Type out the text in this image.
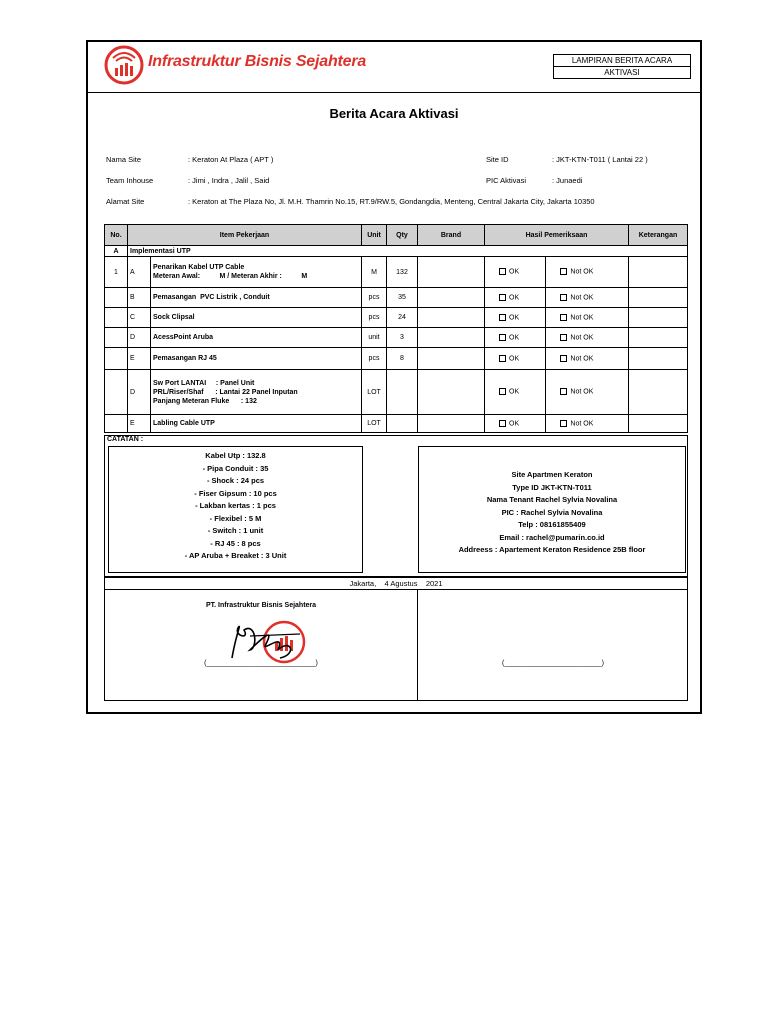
Infrastruktur Bisnis Sejahtera	LAMPIRAN BERITA ACARA
AKTIVASI
Berita Acara Aktivasi
Nama Site	: Keraton At Plaza ( APT )
Team Inhouse	: Jimi , Indra , Jalil , Said
Alamat Site	: Keraton at The Plaza No, Jl. M.H. Thamrin No.15, RT.9/RW.5, Gondangdia, Menteng, Central Jakarta City, Jakarta 10350
Site ID	: JKT-KTN-T011 ( Lantai 22 )
PIC Aktivasi	: Junaedi
No.	Item Pekerjaan		Unit	Qty	Brand	Hasil Pemeriksaan		Keterangan
A	Implementasi UTP							
1	A	Penarikan Kabel UTP Cable
Meteran Awal:          M / Meteran Akhir :          M	M	132		OK	Not OK	
	B	Pemasangan  PVC Listrik , Conduit	pcs	35		OK	Not OK	
	C	Sock Clipsal	pcs	24		OK	Not OK	
	D	AcessPoint Aruba	unit	3		OK	Not OK	
	E	Pemasangan RJ 45	pcs	8		OK	Not OK	
	D	Sw Port LANTAI     : Panel Unit
PRL/Riser/Shaf      : Lantai 22 Panel Inputan
Panjang Meteran Fluke      : 132	LOT			OK	Not OK	
	E	Labling Cable UTP	LOT			OK	Not OK	
CATATAN :
Kabel Utp : 132.8
- Pipa Conduit : 35
- Shock : 24 pcs
- Fiser Gipsum : 10 pcs
- Lakban kertas : 1 pcs
- Flexibel : 5 M
- Switch : 1 unit
- RJ 45 : 8 pcs
- AP Aruba + Breaket : 3 Unit
Site Apartmen Keraton
Type ID JKT-KTN-T011
Nama Tenant Rachel Sylvia Novalina
PIC : Rachel Sylvia Novalina
Telp : 08161855409
Email : rachel@pumarin.co.id
Addreess : Apartement Keraton Residence 25B floor
Jakarta, 4 Agustus 2021
PT. Infrastruktur Bisnis Sejahtera
(____________________________)	(_________________________)
